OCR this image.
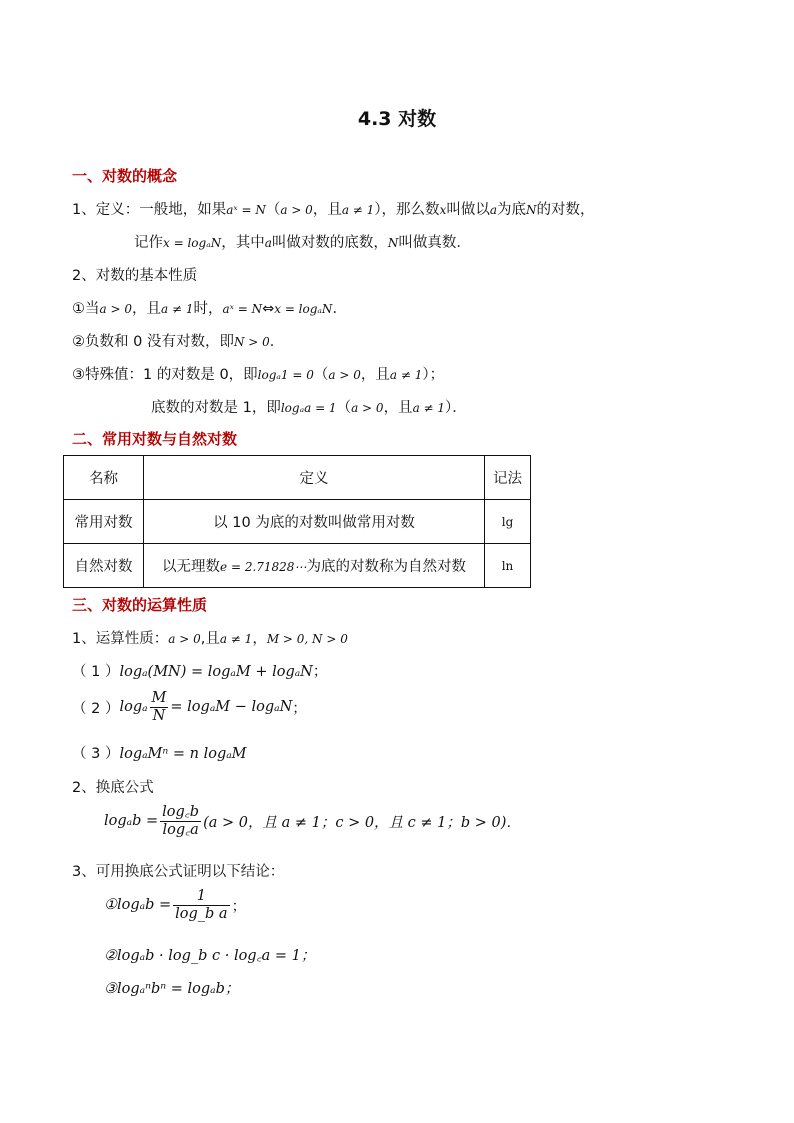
4.3 对数
一、对数的概念
1、定义：一般地，如果aˣ = N（a > 0，且a ≠ 1），那么数x叫做以a为底N的对数，
记作x = logₐN，其中a叫做对数的底数，N叫做真数．
2、对数的基本性质
①当a > 0，且a ≠ 1时，aˣ = N⇔x = logₐN．
②负数和 0 没有对数，即N > 0．
③特殊值：1 的对数是 0，即logₐ1 = 0（a > 0，且a ≠ 1）；
底数的对数是 1，即logₐa = 1（a > 0，且a ≠ 1）．
二、常用对数与自然对数
名称	定义	记法
常用对数	以 10 为底的对数叫做常用对数	lg
自然对数	以无理数e = 2.71828⋯为底的对数称为自然对数	ln
三、对数的运算性质
1、运算性质：a > 0,且a ≠ 1，M > 0, N > 0
（ 1 ）logₐ(MN) = logₐM + logₐN；
（ 2 ） logₐ $\frac{M}{N} = \log_aM - \log_aN$ ；
（ 3 ）logₐMⁿ = n logₐM
2、换底公式
$\log_ab = \frac{\log꜀b}{\log꜀a} (a > 0$，且 a ≠ 1；c > 0，且 c ≠ 1；b > 0)．
3、可用换底公式证明以下结论：
①logₐb = $\frac{1}{\text{log\_b a}}$ ；
②logₐb · log_b c · log꜀a = 1；
③logₐⁿbⁿ = logₐb；
